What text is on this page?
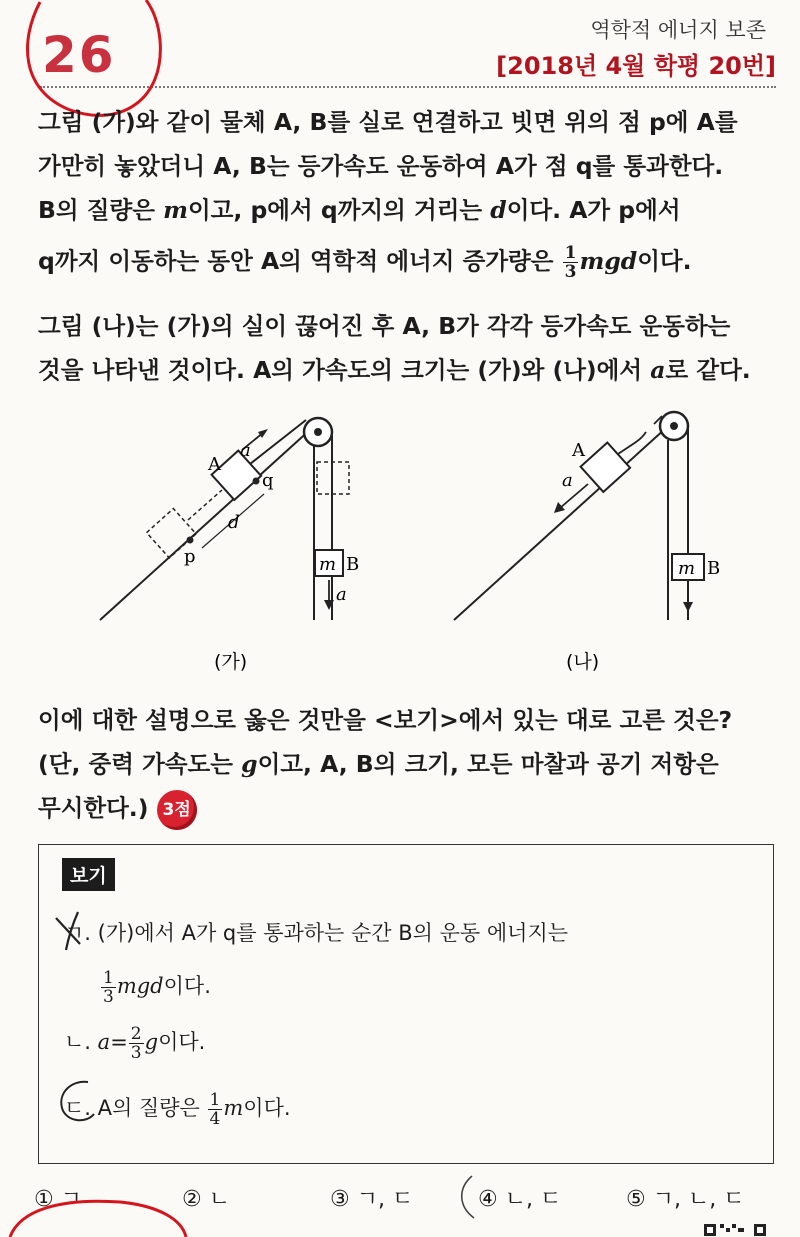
26	역학적 에너지 보존
[2018년 4월 학평 20번]
그림 (가)와 같이 물체 A, B를 실로 연결하고 빗면 위의 점 p에 A를
가만히 놓았더니 A, B는 등가속도 운동하여 A가 점 q를 통과한다.
B의 질량은 m이고, p에서 q까지의 거리는 d이다. A가 p에서
q까지 이동하는 동안 A의 역학적 에너지 증가량은 $\frac{1}{3}$ mgd이다.
그림 (나)는 (가)의 실이 끊어진 후 A, B가 각각 등가속도 운동하는
것을 나타낸 것이다. A의 가속도의 크기는 (가)와 (나)에서 a로 같다.
A
a
q
p
d
m B
a
(가)
A
a
m B
(나)
이에 대한 설명으로 옳은 것만을 <보기>에서 있는 대로 고른 것은?
(단, 중력 가속도는 g이고, A, B의 크기, 모든 마찰과 공기 저항은
무시한다.) 3점
보기
ㄱ. (가)에서 A가 q를 통과하는 순간 B의 운동 에너지는
$\frac{1}{3}$ mgd이다.
ㄴ. $a= \frac{2}{3}$ g이다.
ㄷ. A의 질량은 $\frac{1}{4}$ m이다.
① ㄱ	② ㄴ	③ ㄱ, ㄷ	④ ㄴ, ㄷ	⑤ ㄱ, ㄴ, ㄷ
